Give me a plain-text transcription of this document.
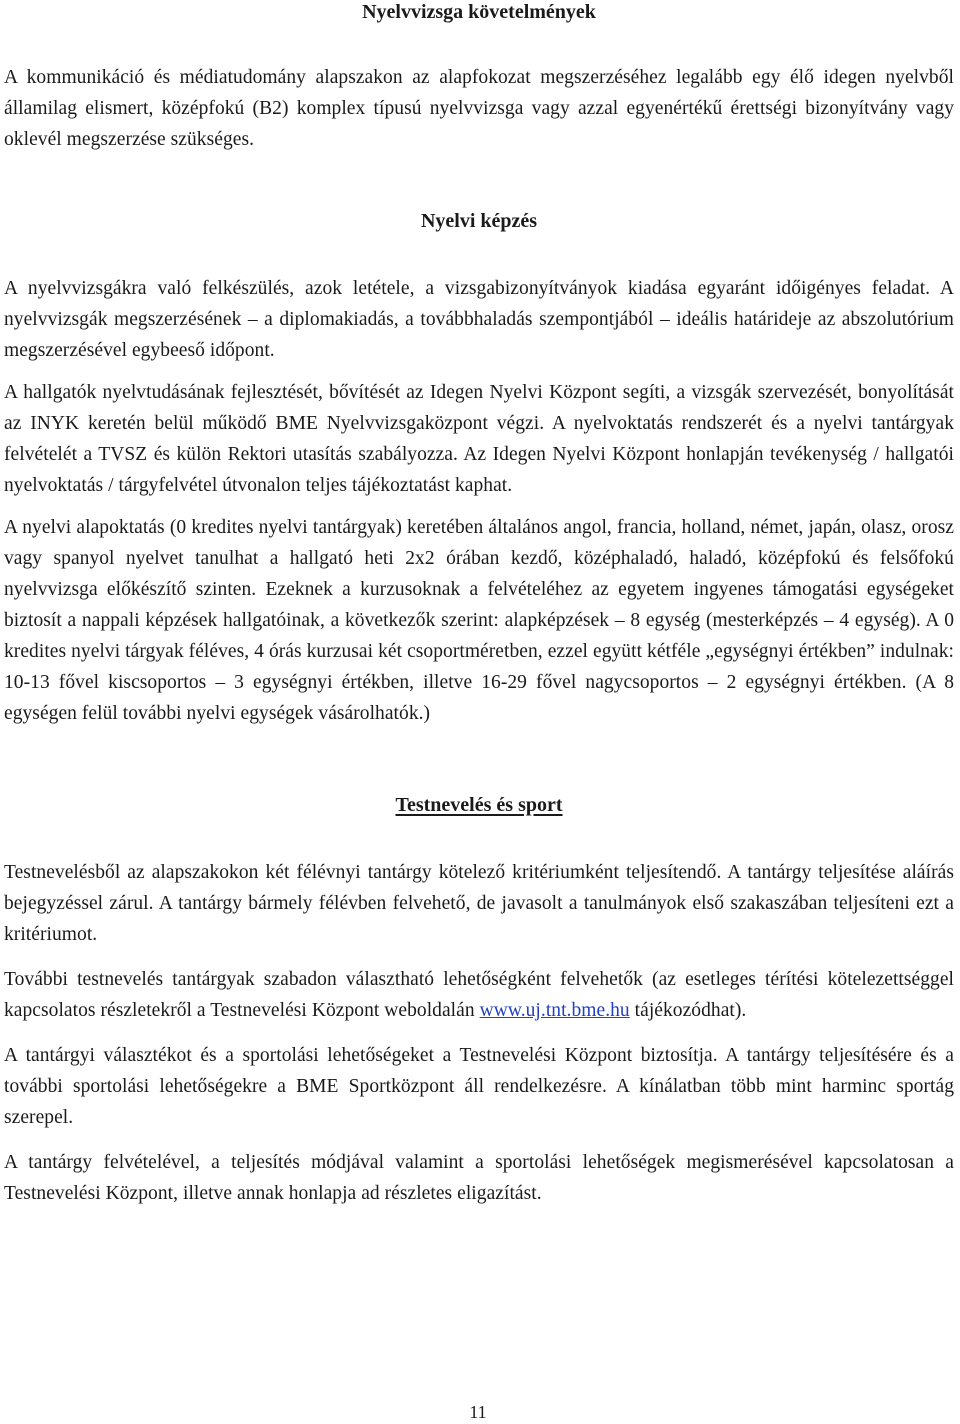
Nyelvvizsga követelmények

A kommunikáció és médiatudomány alapszakon az alapfokozat megszerzéséhez legalább egy élő idegen nyelvből államilag elismert, középfokú (B2) komplex típusú nyelvvizsga vagy azzal egyenértékű érettségi bizonyítvány vagy oklevél megszerzése szükséges.

Nyelvi képzés

A nyelvvizsgákra való felkészülés, azok letétele, a vizsgabizonyítványok kiadása egyaránt időigényes feladat. A nyelvvizsgák megszerzésének – a diplomakiadás, a továbbhaladás szempontjából – ideális határideje az abszolutórium megszerzésével egybeeső időpont.

A hallgatók nyelvtudásának fejlesztését, bővítését az Idegen Nyelvi Központ segíti, a vizsgák szervezését, bonyolítását az INYK keretén belül működő BME Nyelvvizsgaközpont végzi. A nyelvoktatás rendszerét és a nyelvi tantárgyak felvételét a TVSZ és külön Rektori utasítás szabályozza. Az Idegen Nyelvi Központ honlapján tevékenység / hallgatói nyelvoktatás / tárgyfelvétel útvonalon teljes tájékoztatást kaphat.

A nyelvi alapoktatás (0 kredites nyelvi tantárgyak) keretében általános angol, francia, holland, német, japán, olasz, orosz vagy spanyol nyelvet tanulhat a hallgató heti 2x2 órában kezdő, középhaladó, haladó, középfokú és felsőfokú nyelvvizsga előkészítő szinten. Ezeknek a kurzusoknak a felvételéhez az egyetem ingyenes támogatási egységeket biztosít a nappali képzések hallgatóinak, a következők szerint: alapképzések – 8 egység (mesterképzés – 4 egység). A 0 kredites nyelvi tárgyak féléves, 4 órás kurzusai két csoportméretben, ezzel együtt kétféle „egységnyi értékben” indulnak: 10-13 fővel kiscsoportos – 3 egységnyi értékben, illetve 16-29 fővel nagycsoportos – 2 egységnyi értékben. (A 8 egységen felül további nyelvi egységek vásárolhatók.)

Testnevelés és sport

Testnevelésből az alapszakokon két félévnyi tantárgy kötelező kritériumként teljesítendő. A tantárgy teljesítése aláírás bejegyzéssel zárul. A tantárgy bármely félévben felvehető, de javasolt a tanulmányok első szakaszában teljesíteni ezt a kritériumot.

További testnevelés tantárgyak szabadon választható lehetőségként felvehetők (az esetleges térítési kötelezettséggel kapcsolatos részletekről a Testnevelési Központ weboldalán www.uj.tnt.bme.hu tájékozódhat).

A tantárgyi választékot és a sportolási lehetőségeket a Testnevelési Központ biztosítja. A tantárgy teljesítésére és a további sportolási lehetőségekre a BME Sportközpont áll rendelkezésre. A kínálatban több mint harminc sportág szerepel.

A tantárgy felvételével, a teljesítés módjával valamint a sportolási lehetőségek megismerésével kapcsolatosan a Testnevelési Központ, illetve annak honlapja ad részletes eligazítást.

11
